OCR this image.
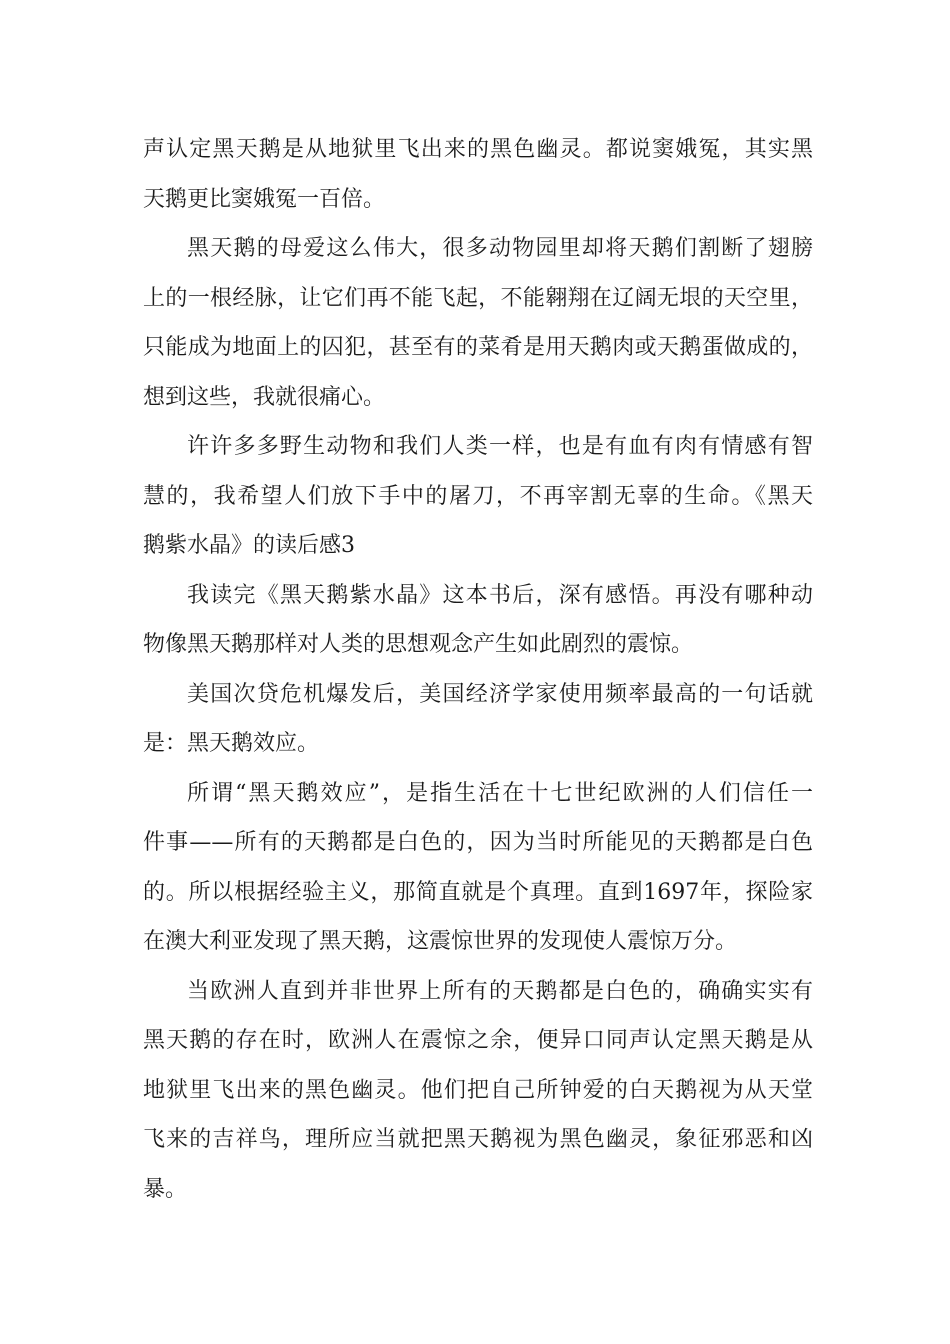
声认定黑天鹅是从地狱里飞出来的黑色幽灵。都说窦娥冤，其实黑
天鹅更比窦娥冤一百倍。

黑天鹅的母爱这么伟大，很多动物园里却将天鹅们割断了翅膀
上的一根经脉，让它们再不能飞起，不能翱翔在辽阔无垠的天空里，
只能成为地面上的囚犯，甚至有的菜肴是用天鹅肉或天鹅蛋做成的，
想到这些，我就很痛心。

许许多多野生动物和我们人类一样，也是有血有肉有情感有智
慧的，我希望人们放下手中的屠刀，不再宰割无辜的生命。《黑天
鹅紫水晶》的读后感3

我读完《黑天鹅紫水晶》这本书后，深有感悟。再没有哪种动
物像黑天鹅那样对人类的思想观念产生如此剧烈的震惊。

美国次贷危机爆发后，美国经济学家使用频率最高的一句话就
是：黑天鹅效应。

所谓“黑天鹅效应”，是指生活在十七世纪欧洲的人们信任一
件事——所有的天鹅都是白色的，因为当时所能见的天鹅都是白色
的。所以根据经验主义，那简直就是个真理。直到1697年，探险家
在澳大利亚发现了黑天鹅，这震惊世界的发现使人震惊万分。

当欧洲人直到并非世界上所有的天鹅都是白色的，确确实实有
黑天鹅的存在时，欧洲人在震惊之余，便异口同声认定黑天鹅是从
地狱里飞出来的黑色幽灵。他们把自己所钟爱的白天鹅视为从天堂
飞来的吉祥鸟，理所应当就把黑天鹅视为黑色幽灵，象征邪恶和凶
暴。
